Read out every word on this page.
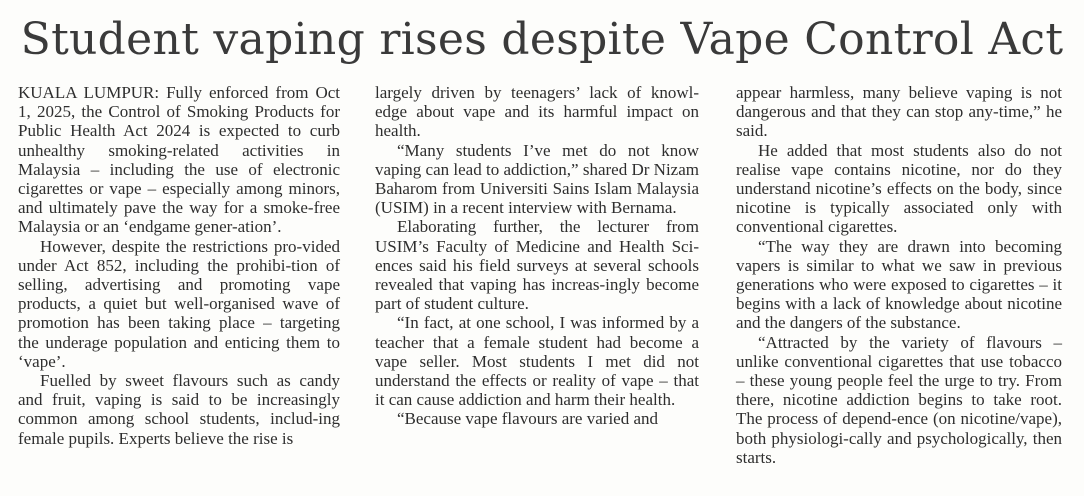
Student vaping rises despite Vape Control Act

KUALA LUMPUR: Fully enforced from Oct 1, 2025, the Control of Smoking Products for Public Health Act 2024 is expected to curb unhealthy smoking-related activities in Malaysia – including the use of electronic cigarettes or vape – especially among minors, and ultimately pave the way for a smoke-free Malaysia or an ‘endgame gener-ation’.

However, despite the restrictions pro-vided under Act 852, including the prohibi-tion of selling, advertising and promoting vape products, a quiet but well-organised wave of promotion has been taking place – targeting the underage population and enticing them to ‘vape’.

Fuelled by sweet flavours such as candy and fruit, vaping is said to be increasingly common among school students, includ-ing female pupils. Experts believe the rise is

largely driven by teenagers’ lack of knowl-edge about vape and its harmful impact on health.

“Many students I’ve met do not know vaping can lead to addiction,” shared Dr Nizam Baharom from Universiti Sains Islam Malaysia (USIM) in a recent interview with Bernama.

Elaborating further, the lecturer from USIM’s Faculty of Medicine and Health Sci-ences said his field surveys at several schools revealed that vaping has increas-ingly become part of student culture.

“In fact, at one school, I was informed by a teacher that a female student had become a vape seller. Most students I met did not understand the effects or reality of vape – that it can cause addiction and harm their health.

“Because vape flavours are varied and

appear harmless, many believe vaping is not dangerous and that they can stop any-time,” he said.

He added that most students also do not realise vape contains nicotine, nor do they understand nicotine’s effects on the body, since nicotine is typically associated only with conventional cigarettes.

“The way they are drawn into becoming vapers is similar to what we saw in previous generations who were exposed to cigarettes – it begins with a lack of knowledge about nicotine and the dangers of the substance.

“Attracted by the variety of flavours – unlike conventional cigarettes that use tobacco – these young people feel the urge to try. From there, nicotine addiction begins to take root. The process of depend-ence (on nicotine/vape), both physiologi-cally and psychologically, then starts.
